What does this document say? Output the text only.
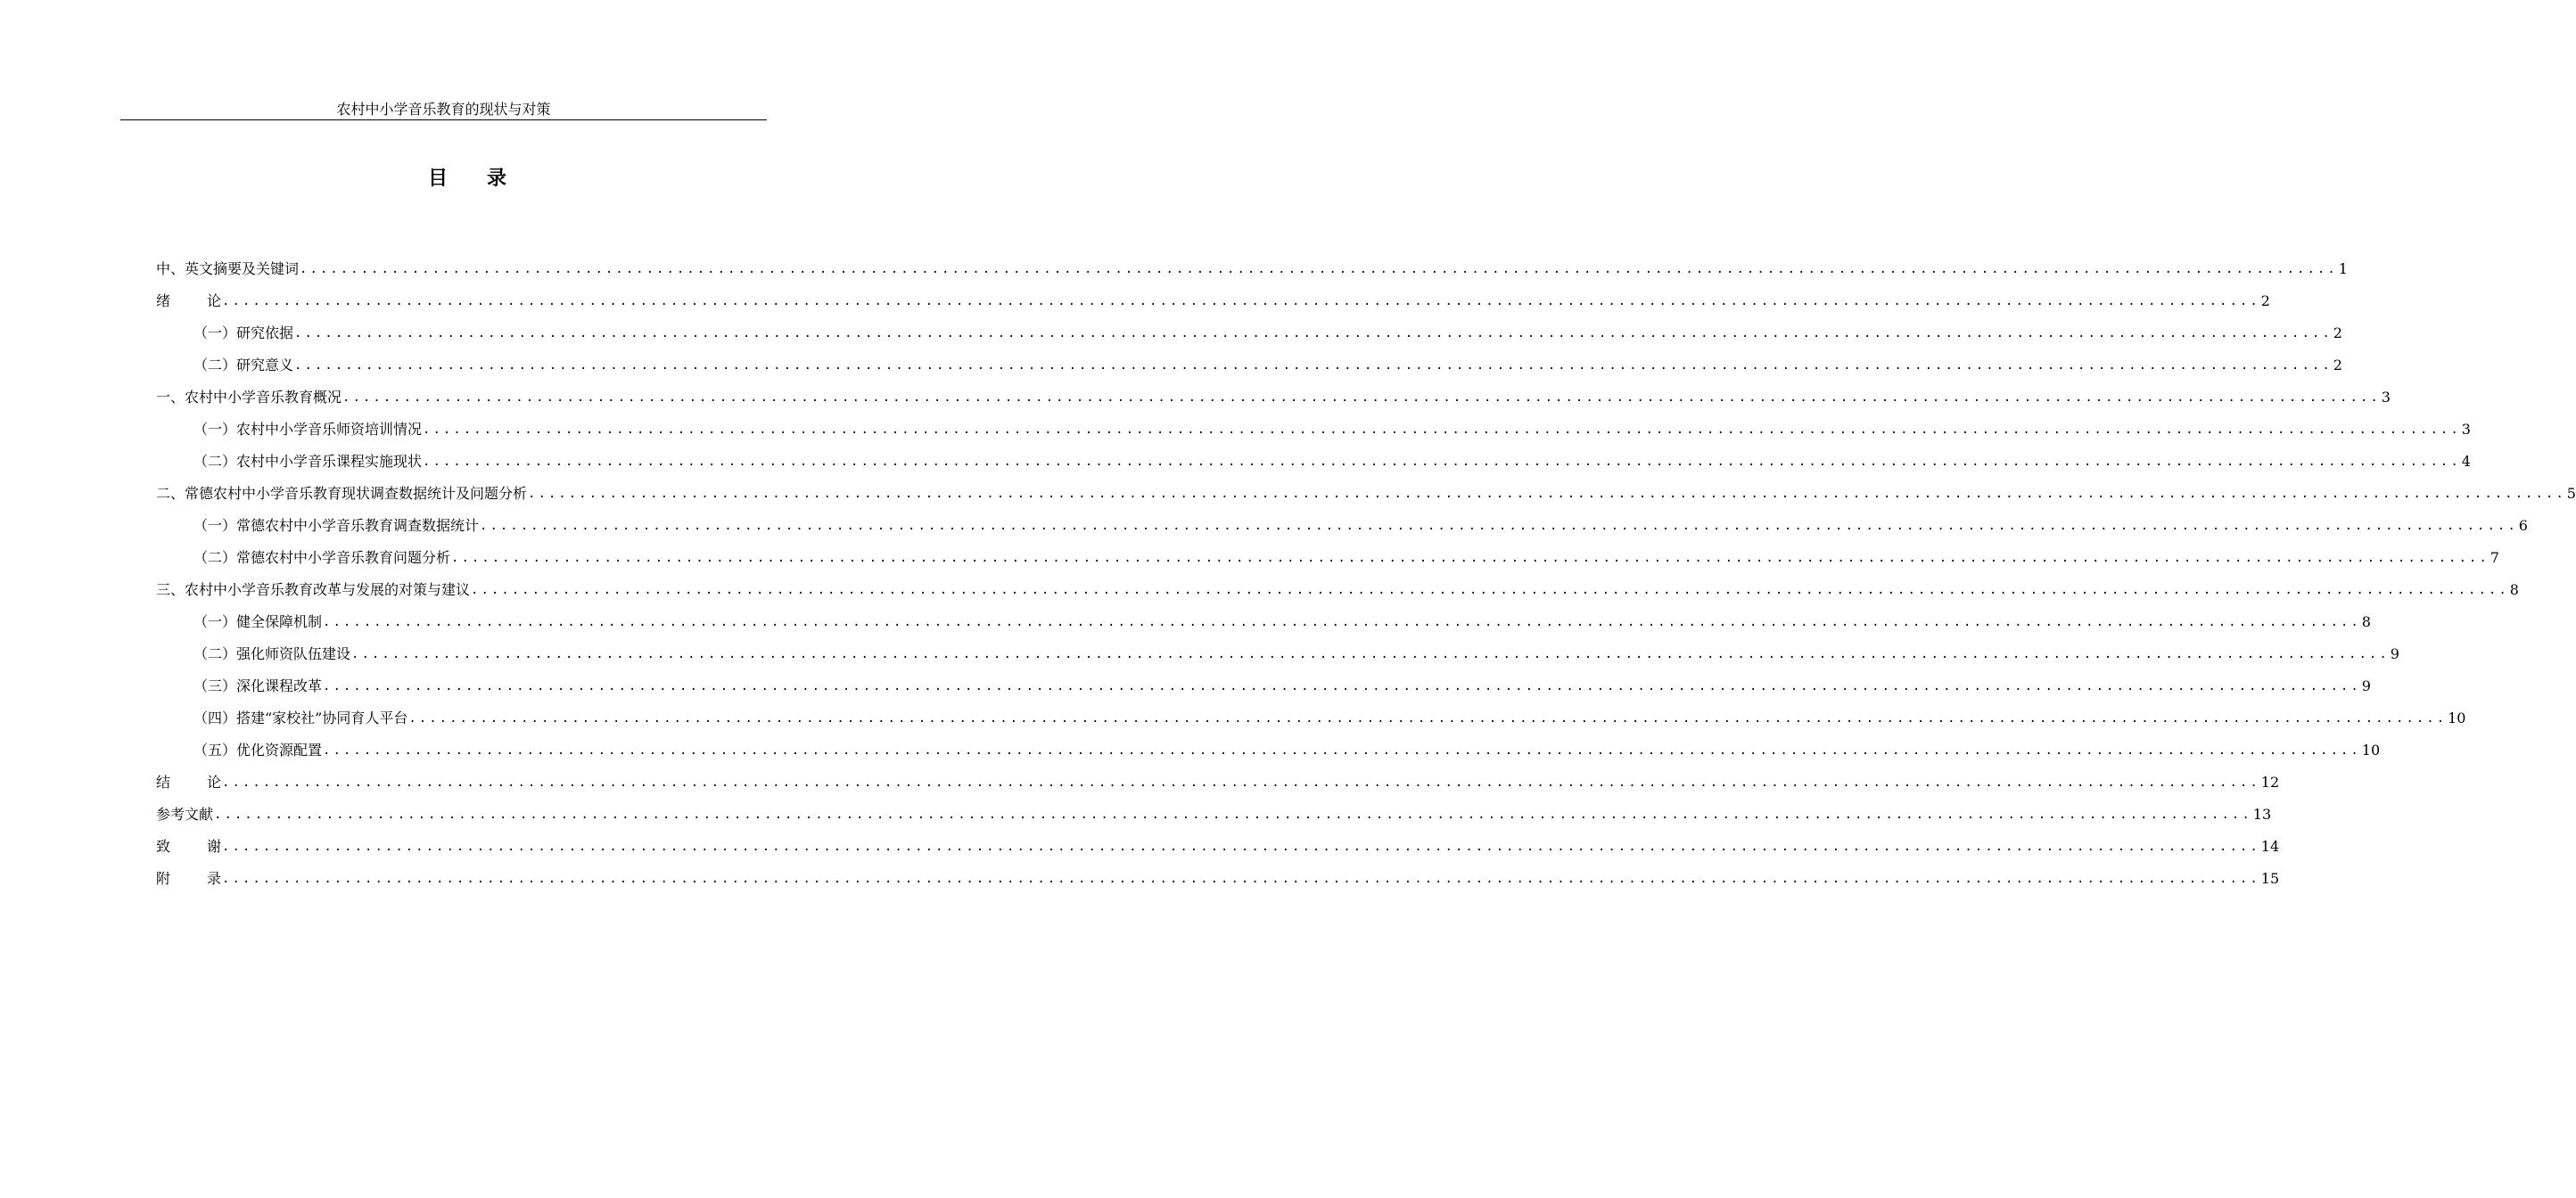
农村中小学音乐教育的现状与对策
目 录
中、英文摘要及关键词 ........................................................................................................................................................................................................ 1
绪	论 ........................................................................................................................................................................................................ 2
（一）研究依据 ........................................................................................................................................................................................................ 2
（二）研究意义 ........................................................................................................................................................................................................ 2
一、农村中小学音乐教育概况 ........................................................................................................................................................................................................ 3
（一）农村中小学音乐师资培训情况 ........................................................................................................................................................................................................ 3
（二）农村中小学音乐课程实施现状 ........................................................................................................................................................................................................ 4
二、常德农村中小学音乐教育现状调查数据统计及问题分析 ........................................................................................................................................................................................................ 5
（一）常德农村中小学音乐教育调查数据统计 ........................................................................................................................................................................................................ 6
（二）常德农村中小学音乐教育问题分析 ........................................................................................................................................................................................................ 7
三、农村中小学音乐教育改革与发展的对策与建议 ........................................................................................................................................................................................................ 8
（一）健全保障机制 ........................................................................................................................................................................................................ 8
（二）强化师资队伍建设 ........................................................................................................................................................................................................ 9
（三）深化课程改革 ........................................................................................................................................................................................................ 9
（四）搭建“家校社”协同育人平台 ........................................................................................................................................................................................................ 10
（五）优化资源配置 ........................................................................................................................................................................................................ 10
结	论 ........................................................................................................................................................................................................ 12
参考文献 ........................................................................................................................................................................................................ 13
致	谢 ........................................................................................................................................................................................................ 14
附	录 ........................................................................................................................................................................................................ 15
